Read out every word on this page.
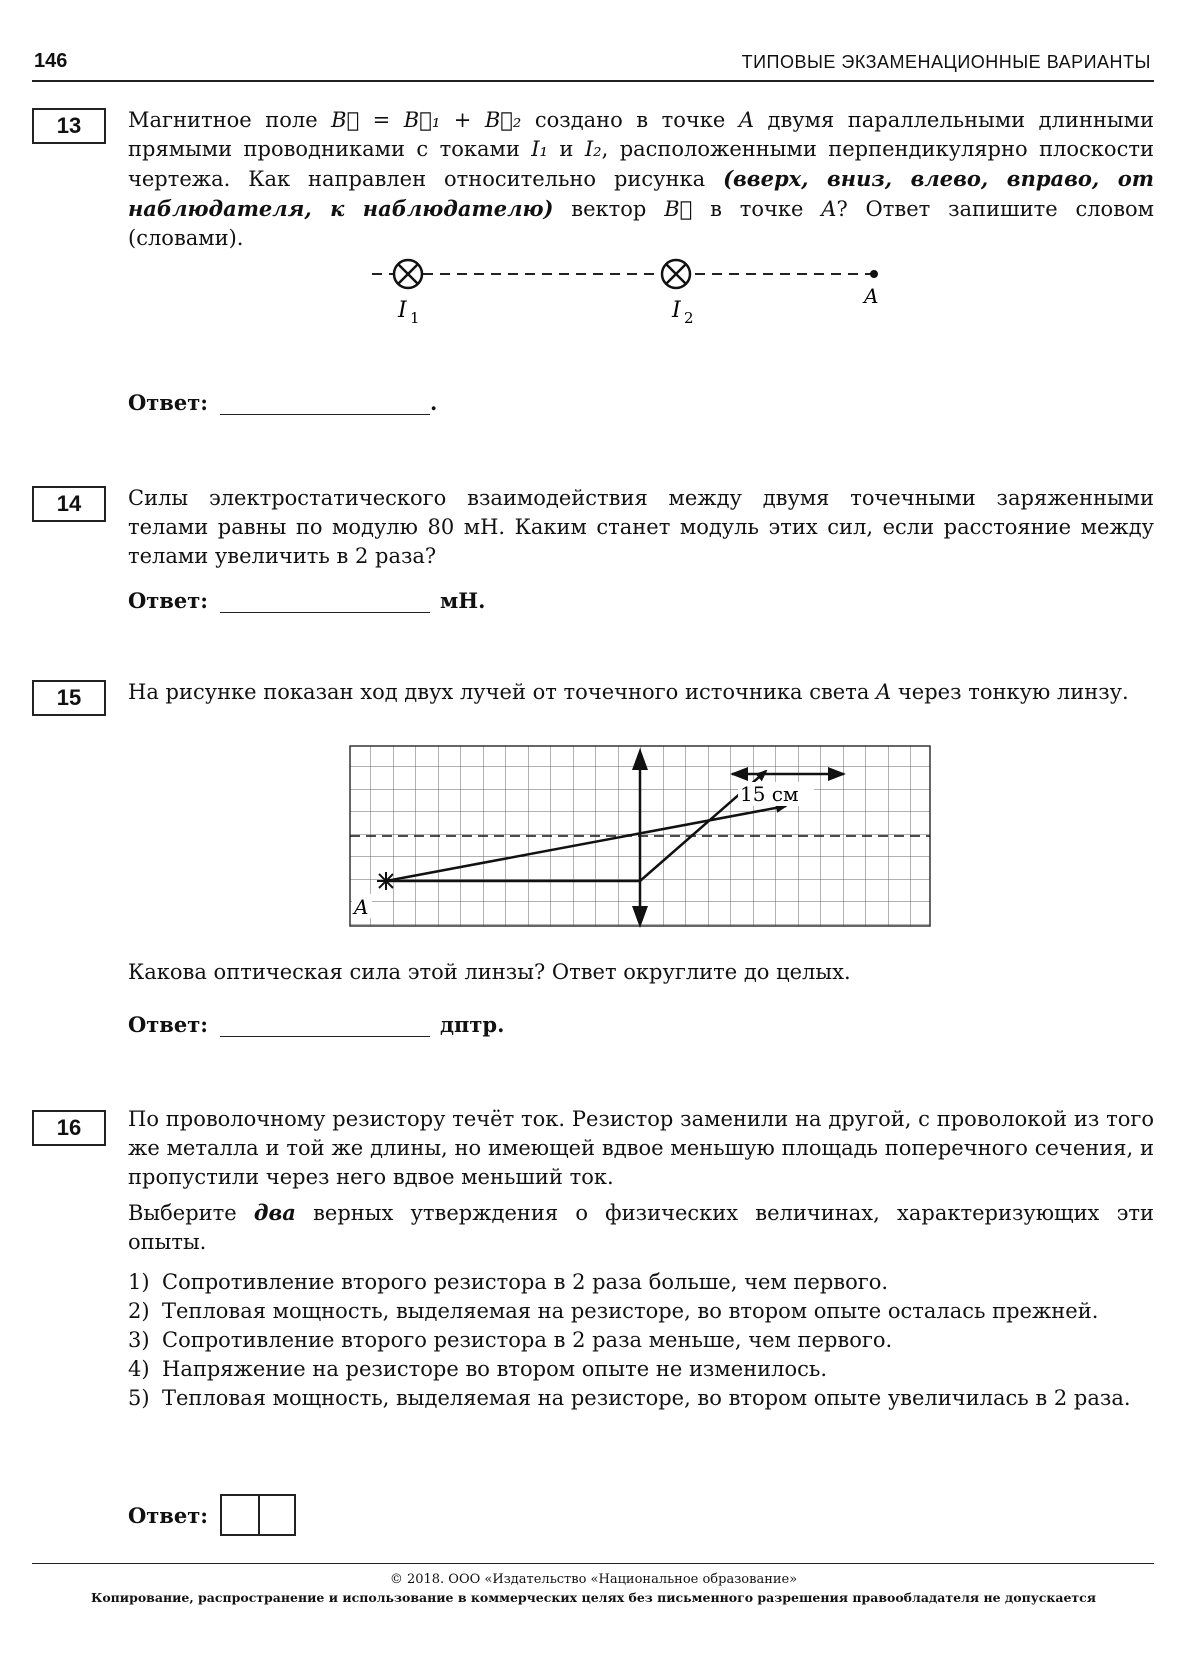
146	ТИПОВЫЕ ЭКЗАМЕНАЦИОННЫЕ ВАРИАНТЫ
13	Магнитное поле B⃗ = B⃗₁ + B⃗₂ создано в точке A двумя параллельными длинными прямыми проводниками с токами I₁ и I₂, расположенными перпендикулярно плоскости чертежа. Как направлен относительно рисунка (вверх, вниз, влево, вправо, от наблюдателя, к наблюдателю) вектор B⃗ в точке A? Ответ запишите словом (словами).

I 1	I 2
A
Ответ:	.
14	Силы электростатического взаимодействия между двумя точечными заряженными телами равны по модулю 80 мН. Каким станет модуль этих сил, если расстояние между телами увеличить в 2 раза?
Ответ:	мН.
15	На рисунке показан ход двух лучей от точечного источника света A через тонкую линзу.

15 см
A
Какова оптическая сила этой линзы? Ответ округлите до целых.
Ответ:	дптр.
16	По проволочному резистору течёт ток. Резистор заменили на другой, с проволокой из того же металла и той же длины, но имеющей вдвое меньшую площадь поперечного сечения, и пропустили через него вдвое меньший ток.

Выберите два верных утверждения о физических величинах, характеризующих эти опыты.

1) Сопротивление второго резистора в 2 раза больше, чем первого.
2) Тепловая мощность, выделяемая на резисторе, во втором опыте осталась прежней.
3) Сопротивление второго резистора в 2 раза меньше, чем первого.
4) Напряжение на резисторе во втором опыте не изменилось.
5) Тепловая мощность, выделяемая на резисторе, во втором опыте увеличилась в 2 раза.
Ответ:
© 2018. ООО «Издательство «Национальное образование»
Копирование, распространение и использование в коммерческих целях без письменного разрешения правообладателя не допускается
